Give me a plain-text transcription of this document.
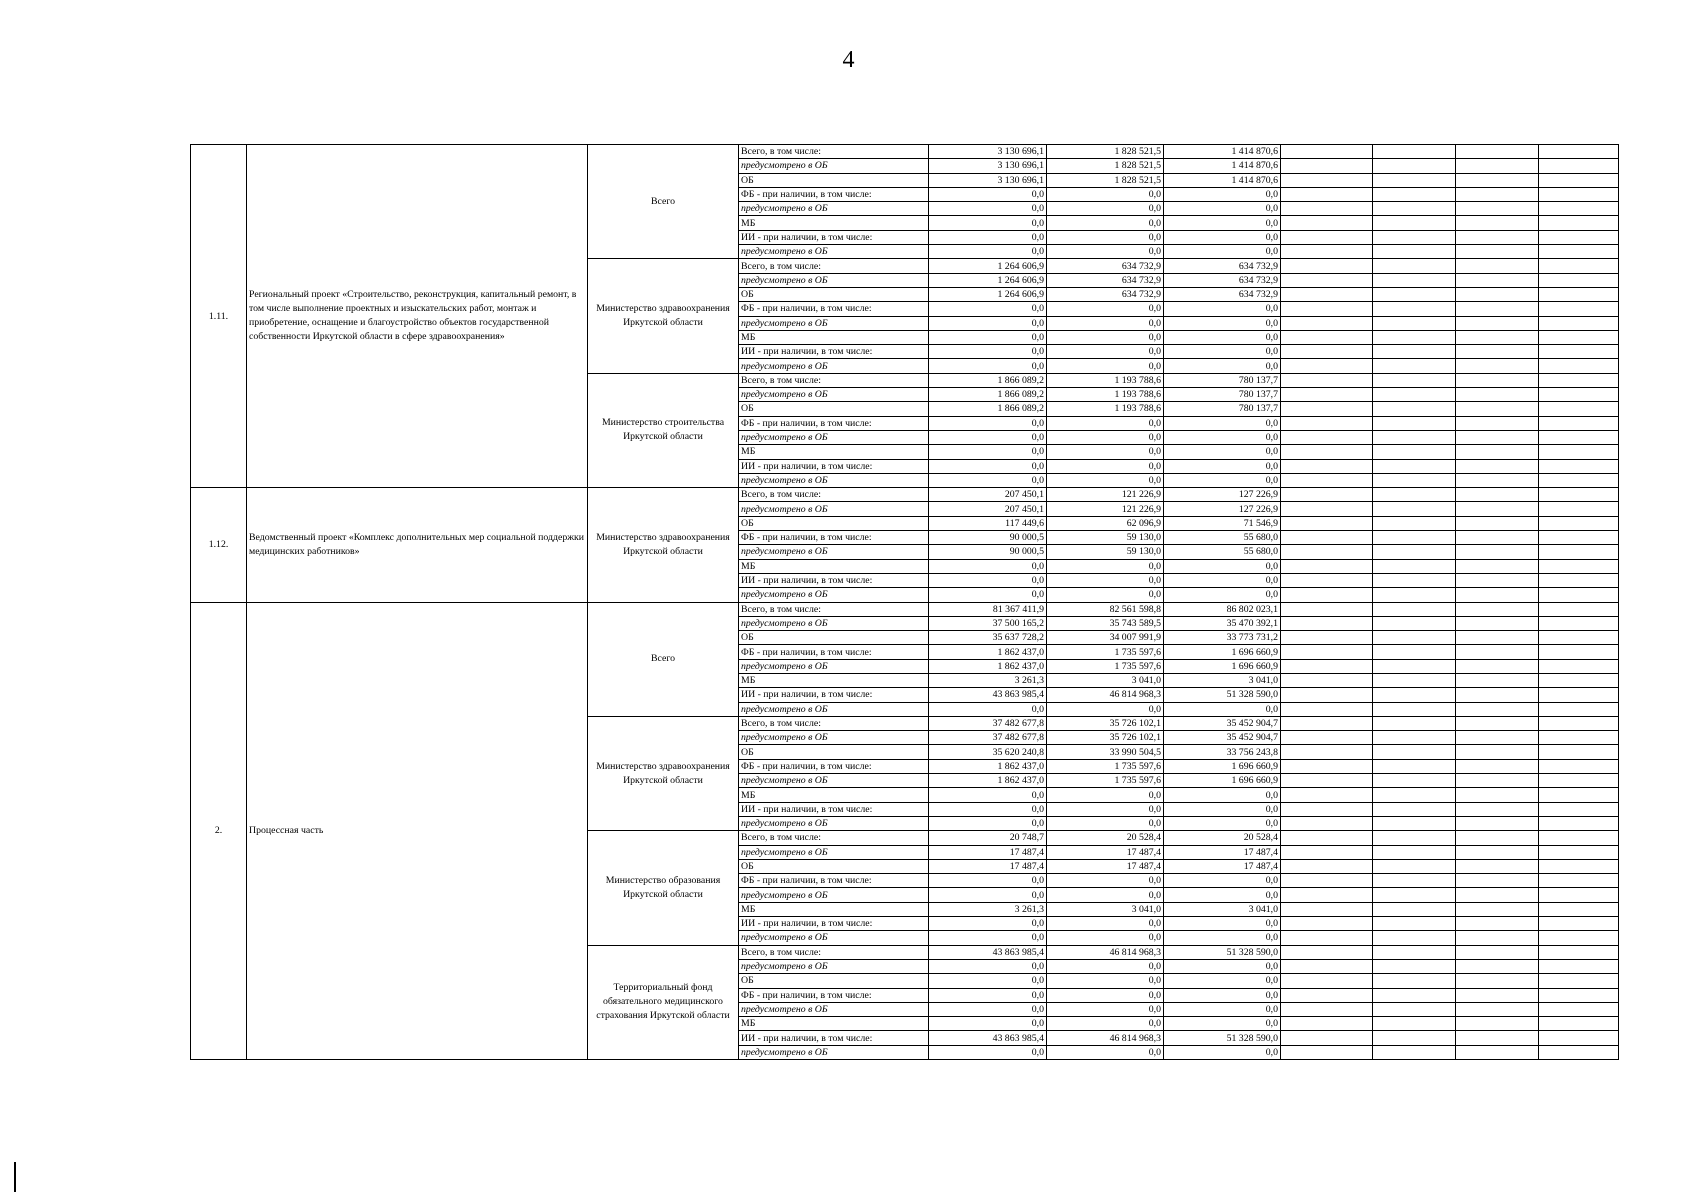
4
1.11.	Региональный проект «Строительство, реконструкция, капитальный ремонт, в том числе выполнение проектных и изыскательских работ, монтаж и приобретение, оснащение и благоустройство объектов государственной собственности Иркутской области в сфере здравоохранения»	Всего	Всего, в том числе:	3 130 696,1	1 828 521,5	1 414 870,6				
			предусмотрено в ОБ	3 130 696,1	1 828 521,5	1 414 870,6				
			ОБ	3 130 696,1	1 828 521,5	1 414 870,6				
			ФБ - при наличии, в том числе:	0,0	0,0	0,0				
			предусмотрено в ОБ	0,0	0,0	0,0				
			МБ	0,0	0,0	0,0				
			ИИ - при наличии, в том числе:	0,0	0,0	0,0				
			предусмотрено в ОБ	0,0	0,0	0,0				
		Министерство здравоохранения Иркутской области	Всего, в том числе:	1 264 606,9	634 732,9	634 732,9				
			предусмотрено в ОБ	1 264 606,9	634 732,9	634 732,9				
			ОБ	1 264 606,9	634 732,9	634 732,9				
			ФБ - при наличии, в том числе:	0,0	0,0	0,0				
			предусмотрено в ОБ	0,0	0,0	0,0				
			МБ	0,0	0,0	0,0				
			ИИ - при наличии, в том числе:	0,0	0,0	0,0				
			предусмотрено в ОБ	0,0	0,0	0,0				
		Министерство строительства Иркутской области	Всего, в том числе:	1 866 089,2	1 193 788,6	780 137,7				
			предусмотрено в ОБ	1 866 089,2	1 193 788,6	780 137,7				
			ОБ	1 866 089,2	1 193 788,6	780 137,7				
			ФБ - при наличии, в том числе:	0,0	0,0	0,0				
			предусмотрено в ОБ	0,0	0,0	0,0				
			МБ	0,0	0,0	0,0				
			ИИ - при наличии, в том числе:	0,0	0,0	0,0				
			предусмотрено в ОБ	0,0	0,0	0,0				
1.12.	Ведомственный проект «Комплекс дополнительных мер социальной поддержки медицинских работников»	Министерство здравоохранения Иркутской области	Всего, в том числе:	207 450,1	121 226,9	127 226,9				
			предусмотрено в ОБ	207 450,1	121 226,9	127 226,9				
			ОБ	117 449,6	62 096,9	71 546,9				
			ФБ - при наличии, в том числе:	90 000,5	59 130,0	55 680,0				
			предусмотрено в ОБ	90 000,5	59 130,0	55 680,0				
			МБ	0,0	0,0	0,0				
			ИИ - при наличии, в том числе:	0,0	0,0	0,0				
			предусмотрено в ОБ	0,0	0,0	0,0				
2.	Процессная часть	Всего	Всего, в том числе:	81 367 411,9	82 561 598,8	86 802 023,1				
			предусмотрено в ОБ	37 500 165,2	35 743 589,5	35 470 392,1				
			ОБ	35 637 728,2	34 007 991,9	33 773 731,2				
			ФБ - при наличии, в том числе:	1 862 437,0	1 735 597,6	1 696 660,9				
			предусмотрено в ОБ	1 862 437,0	1 735 597,6	1 696 660,9				
			МБ	3 261,3	3 041,0	3 041,0				
			ИИ - при наличии, в том числе:	43 863 985,4	46 814 968,3	51 328 590,0				
			предусмотрено в ОБ	0,0	0,0	0,0				
		Министерство здравоохранения Иркутской области	Всего, в том числе:	37 482 677,8	35 726 102,1	35 452 904,7				
			предусмотрено в ОБ	37 482 677,8	35 726 102,1	35 452 904,7				
			ОБ	35 620 240,8	33 990 504,5	33 756 243,8				
			ФБ - при наличии, в том числе:	1 862 437,0	1 735 597,6	1 696 660,9				
			предусмотрено в ОБ	1 862 437,0	1 735 597,6	1 696 660,9				
			МБ	0,0	0,0	0,0				
			ИИ - при наличии, в том числе:	0,0	0,0	0,0				
			предусмотрено в ОБ	0,0	0,0	0,0				
		Министерство образования Иркутской области	Всего, в том числе:	20 748,7	20 528,4	20 528,4				
			предусмотрено в ОБ	17 487,4	17 487,4	17 487,4				
			ОБ	17 487,4	17 487,4	17 487,4				
			ФБ - при наличии, в том числе:	0,0	0,0	0,0				
			предусмотрено в ОБ	0,0	0,0	0,0				
			МБ	3 261,3	3 041,0	3 041,0				
			ИИ - при наличии, в том числе:	0,0	0,0	0,0				
			предусмотрено в ОБ	0,0	0,0	0,0				
		Территориальный фонд обязательного медицинского страхования Иркутской области	Всего, в том числе:	43 863 985,4	46 814 968,3	51 328 590,0				
			предусмотрено в ОБ	0,0	0,0	0,0				
			ОБ	0,0	0,0	0,0				
			ФБ - при наличии, в том числе:	0,0	0,0	0,0				
			предусмотрено в ОБ	0,0	0,0	0,0				
			МБ	0,0	0,0	0,0				
			ИИ - при наличии, в том числе:	43 863 985,4	46 814 968,3	51 328 590,0				
			предусмотрено в ОБ	0,0	0,0	0,0				
